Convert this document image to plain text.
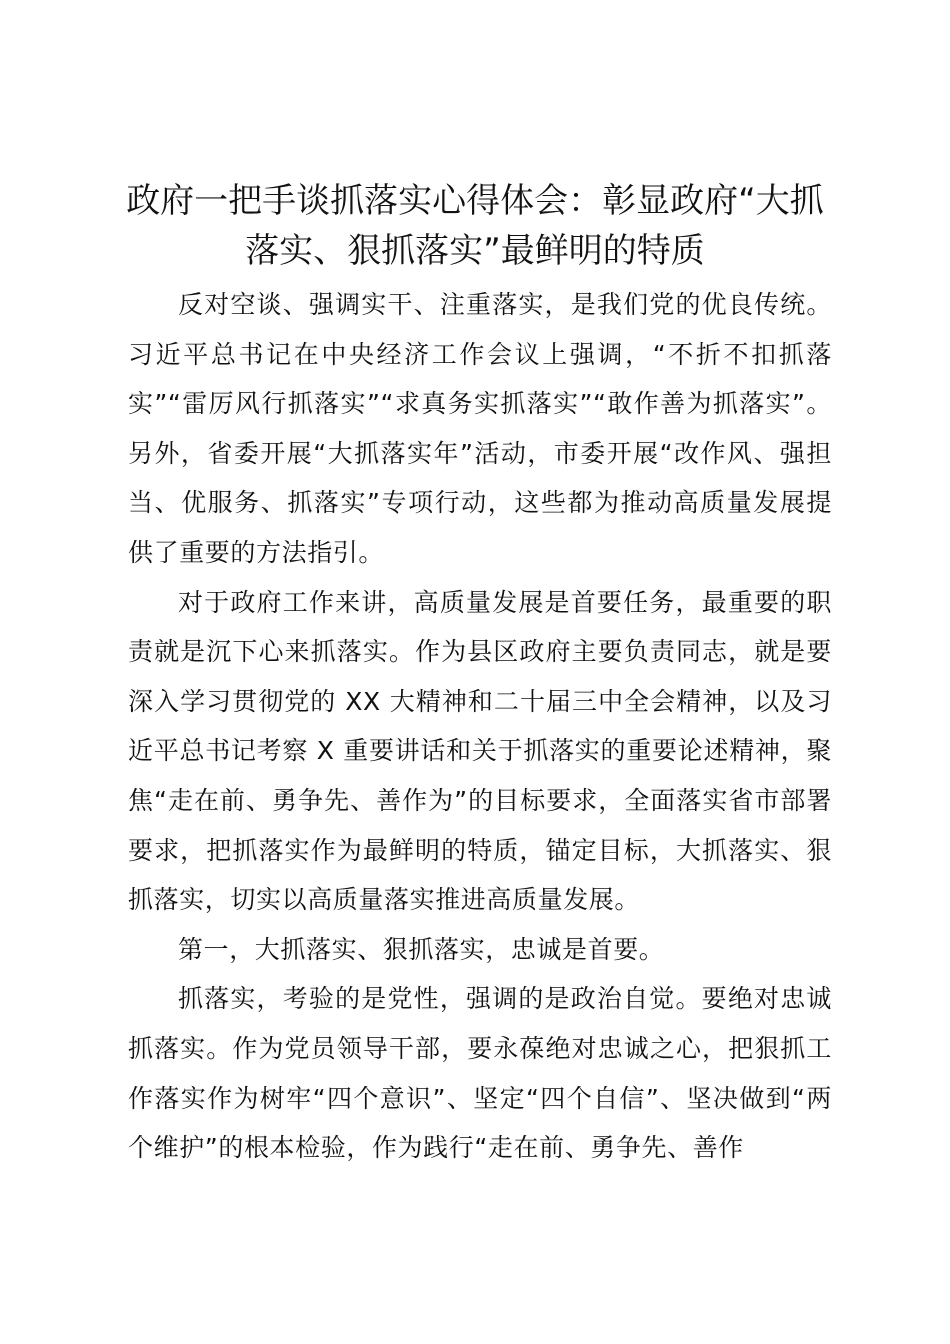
政府一把手谈抓落实心得体会：彰显政府“大抓落实、狠抓落实”最鲜明的特质

反对空谈、强调实干、注重落实，是我们党的优良传统。习近平总书记在中央经济工作会议上强调，“不折不扣抓落实”“雷厉风行抓落实”“求真务实抓落实”“敢作善为抓落实”。另外，省委开展“大抓落实年”活动，市委开展“改作风、强担当、优服务、抓落实”专项行动，这些都为推动高质量发展提供了重要的方法指引。

对于政府工作来讲，高质量发展是首要任务，最重要的职责就是沉下心来抓落实。作为县区政府主要负责同志，就是要深入学习贯彻党的 XX 大精神和二十届三中全会精神，以及习近平总书记考察 X 重要讲话和关于抓落实的重要论述精神，聚焦“走在前、勇争先、善作为”的目标要求，全面落实省市部署要求，把抓落实作为最鲜明的特质，锚定目标，大抓落实、狠抓落实，切实以高质量落实推进高质量发展。

第一，大抓落实、狠抓落实，忠诚是首要。

抓落实，考验的是党性，强调的是政治自觉。要绝对忠诚抓落实。作为党员领导干部，要永葆绝对忠诚之心，把狠抓工作落实作为树牢“四个意识”、坚定“四个自信”、坚决做到“两个维护”的根本检验，作为践行“走在前、勇争先、善作
